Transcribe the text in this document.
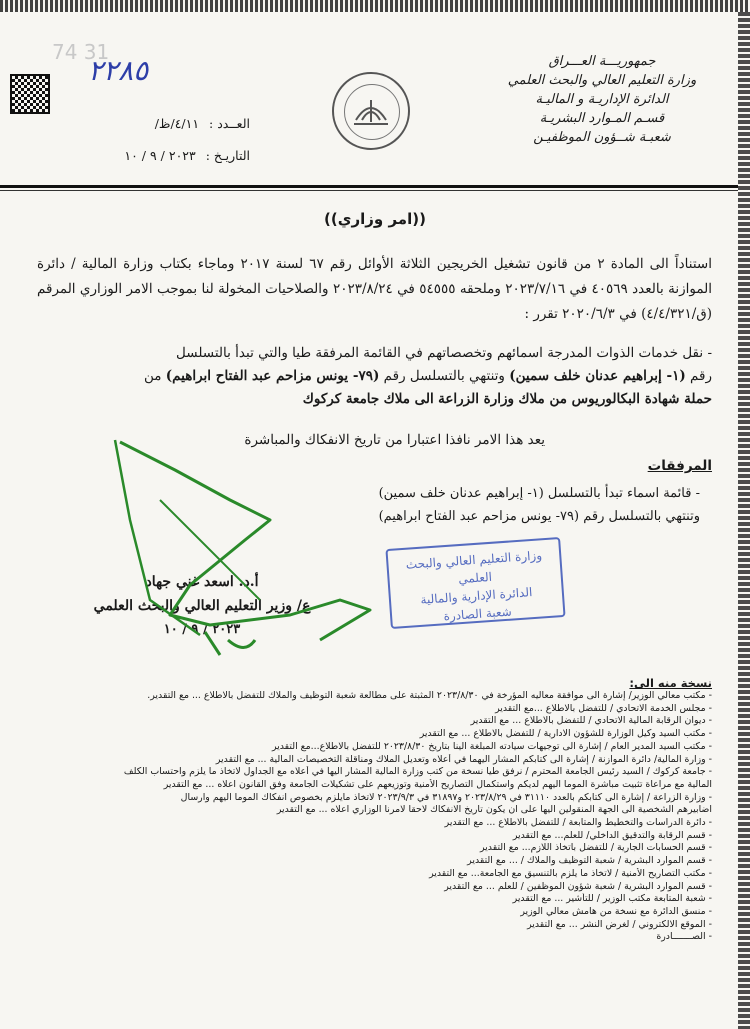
74 31
٢٢٨٥	جمهوريـــة العـــراق
وزارة التعليم العالي والبحث العلمي
الدائرة الإداريـة و الماليـة
قسـم المـوارد البشريـة
شعبـة شــؤون الموظفيـن
العــدد : ٤/١١/ظ/
التاريـخ : ٢٠٢٣ / ٩ / ١٠
((امر وزاري))

استناداً الى المادة ٢ من قانون تشغيل الخريجين الثلاثة الأوائل رقم ٦٧ لسنة ٢٠١٧ وماجاء بكتاب وزارة المالية / دائرة الموازنة بالعدد ٤٠٥٦٩ في ٢٠٢٣/٧/١٦ وملحقه ٥٤٥٥٥ في ٢٠٢٣/٨/٢٤ والصلاحيات المخولة لنا بموجب الامر الوزاري المرقم (ق/٤/٤/٣٢١) في ٢٠٢٠/٦/٣ تقرر :

- نقل خدمات الذوات المدرجة اسمائهم وتخصصاتهم في القائمة المرفقة طيا والتي تبدأ بالتسلسل

رقم (١- إبراهيم عدنان خلف سمين) وتنتهي بالتسلسل رقم (٧٩- يونس مزاحم عبد الفتاح ابراهيم) من

حملة شهادة البكالوريوس من ملاك وزارة الزراعة الى ملاك جامعة كركوك

يعد هذا الامر نافذا اعتبارا من تاريخ الانفكاك والمباشرة
المرفقات

- قائمة اسماء تبدأ بالتسلسل (١- إبراهيم عدنان خلف سمين)

وتنتهي بالتسلسل رقم (٧٩- يونس مزاحم عبد الفتاح ابراهيم)

وزارة التعليم العالي والبحث العلمي
الدائرة الإدارية والمالية
شعبة الصادرة
أ.د. اسعد غني جهاد
ع/ وزير التعليم العالي والبحث العلمي
٢٠٢٣ / ٩ / ١٠
نسخة منه الى:
- مكتب معالي الوزير/ إشارة الى موافقة معاليه المؤرخة في ٢٠٢٣/٨/٣٠ المثبتة على مطالعة شعبة التوظيف والملاك للتفضل بالاطلاع ... مع التقدير.
- مجلس الخدمة الاتحادي / للتفضل بالاطلاع ...مع التقدير
- ديوان الرقابة المالية الاتحادي / للتفضل بالاطلاع ... مع التقدير
- مكتب السيد وكيل الوزارة للشؤون الادارية / للتفضل بالاطلاع ... مع التقدير
- مكتب السيد المدير العام / إشارة الى توجيهات سيادته المبلغة الينا بتاريخ ٢٠٢٣/٨/٣٠ للتفضل بالاطلاع...مع التقدير
- وزارة المالية/ دائرة الموازنة / إشارة الى كتابكم المشار اليهما في أعلاه وتعديل الملاك ومناقلة التخصيصات المالية ... مع التقدير
- جامعة كركوك / السيد رئيس الجامعة المحترم / نرفق طيا نسخة من كتب وزارة المالية المشار اليها في أعلاه مع الجداول لاتخاذ ما يلزم واحتساب الكلف
المالية مع مراعاة تثبيت مباشرة الموما اليهم لديكم واستكمال التصاريح الأمنية وتوزيعهم على تشكيلات الجامعة وفق القانون اعلاه ... مع التقدير
- وزارة الزراعة / إشارة الى كتابكم بالعدد ٣١١١٠ في ٢٠٢٣/٨/٢٩ و٣١٨٩٧ في ٢٠٢٣/٩/٣ لاتخاذ مايلزم بخصوص انفكاك الموما اليهم وارسال
اضابيرهم الشخصية الى الجهة المنقولين اليها على ان يكون تاريخ الانفكاك لاحقا لامرنا الوزاري اعلاه ... مع التقدير
- دائرة الدراسات والتخطيط والمتابعة / للتفضل بالاطلاع ... مع التقدير
- قسم الرقابة والتدقيق الداخلي/ للعلم... مع التقدير
- قسم الحسابات الجارية / للتفضل باتخاذ اللازم... مع التقدير
- قسم الموارد البشرية / شعبة التوظيف والملاك / ... مع التقدير
- مكتب التصاريح الأمنية / لاتخاذ ما يلزم بالتنسيق مع الجامعة... مع التقدير
- قسم الموارد البشرية / شعبة شؤون الموظفين / للعلم ... مع التقدير
- شعبة المتابعة مكتب الوزير / للتأشير ... مع التقدير
- منسق الدائرة مع نسخة من هامش معالي الوزير
- الموقع الالكتروني / لغرض النشر ... مع التقدير
- الصـــــــادرة
